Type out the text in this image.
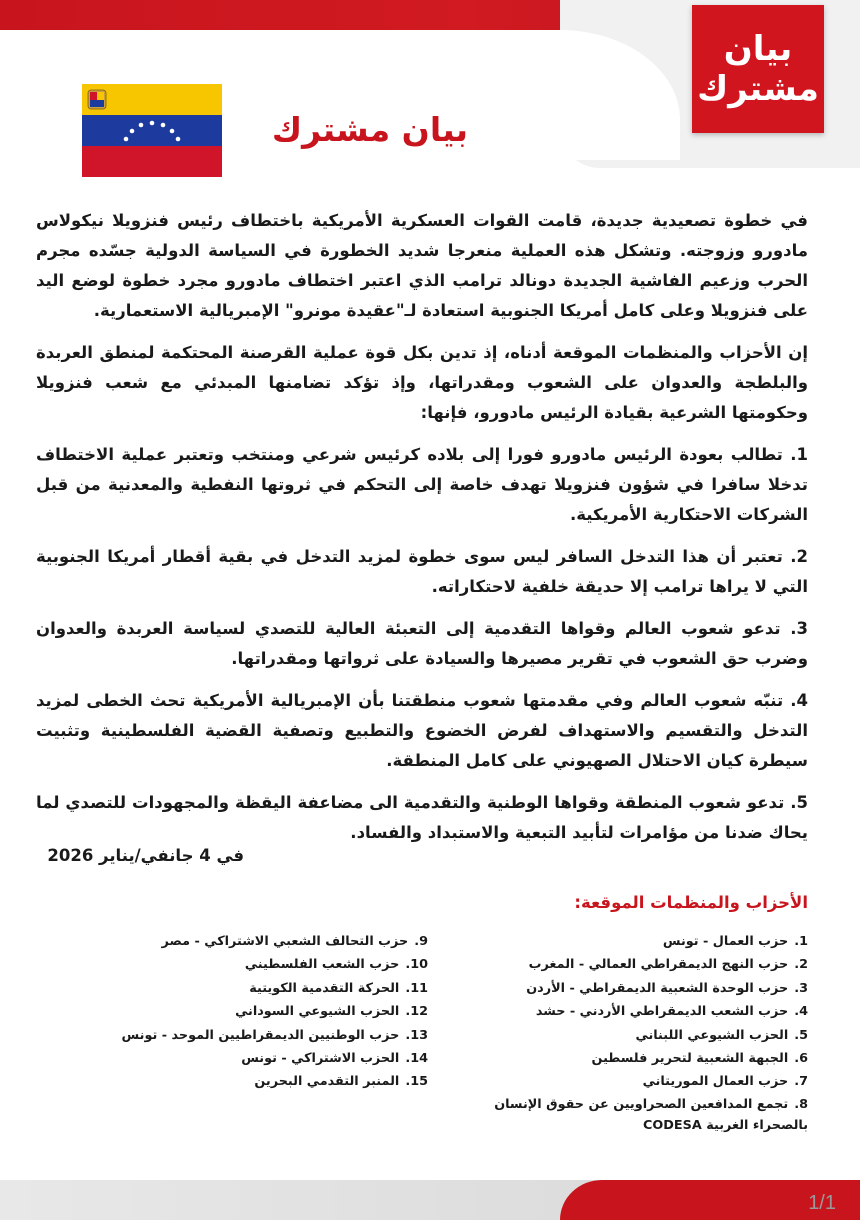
بيان
مشترك
بيان مشترك

في خطوة تصعيدية جديدة، قامت القوات العسكرية الأمريكية باختطاف رئيس فنزويلا نيكولاس مادورو وزوجته. وتشكل هذه العملية منعرجا شديد الخطورة في السياسة الدولية جسّده مجرم الحرب وزعيم الفاشية الجديدة دونالد ترامب الذي اعتبر اختطاف مادورو مجرد خطوة لوضع اليد على فنزويلا وعلى كامل أمريكا الجنوبية استعادة لـ"عقيدة مونرو" الإمبريالية الاستعمارية.

إن الأحزاب والمنظمات الموقعة أدناه، إذ تدين بكل قوة عملية القرصنة المحتكمة لمنطق العربدة والبلطجة والعدوان على الشعوب ومقدراتها، وإذ تؤكد تضامنها المبدئي مع شعب فنزويلا وحكومتها الشرعية بقيادة الرئيس مادورو، فإنها:

1. تطالب بعودة الرئيس مادورو فورا إلى بلاده كرئيس شرعي ومنتخب وتعتبر عملية الاختطاف تدخلا سافرا في شؤون فنزويلا تهدف خاصة إلى التحكم في ثروتها النفطية والمعدنية من قبل الشركات الاحتكارية الأمريكية.

2. تعتبر أن هذا التدخل السافر ليس سوى خطوة لمزيد التدخل في بقية أقطار أمريكا الجنوبية التي لا يراها ترامب إلا حديقة خلفية لاحتكاراته.

3. تدعو شعوب العالم وقواها التقدمية إلى التعبئة العالية للتصدي لسياسة العربدة والعدوان وضرب حق الشعوب في تقرير مصيرها والسيادة على ثرواتها ومقدراتها.

4. تنبّه شعوب العالم وفي مقدمتها شعوب منطقتنا بأن الإمبريالية الأمريكية تحث الخطى لمزيد التدخل والتقسيم والاستهداف لفرض الخضوع والتطبيع وتصفية القضية الفلسطينية وتثبيت سيطرة كيان الاحتلال الصهيوني على كامل المنطقة.

5. تدعو شعوب المنطقة وقواها الوطنية والتقدمية الى مضاعفة اليقظة والمجهودات للتصدي لما يحاك ضدنا من مؤامرات لتأبيد التبعية والاستبداد والفساد.

في 4 جانفي/يناير 2026
الأحزاب والمنظمات الموقعة:
1.حزب العمال - تونس
2.حزب النهج الديمقراطي العمالي - المغرب
3.حزب الوحدة الشعبية الديمقراطي - الأردن
4.حزب الشعب الديمقراطي الأردني - حشد
5.الحزب الشيوعي اللبناني
6.الجبهة الشعبية لتحرير فلسطين
7.حزب العمال الموريتاني
8.تجمع المدافعين الصحراويين عن حقوق الإنسان بالصحراء الغربية CODESA
9.حزب التحالف الشعبي الاشتراكي - مصر
10.حزب الشعب الفلسطيني
11.الحركة التقدمية الكويتية
12.الحزب الشيوعي السوداني
13.حزب الوطنيين الديمقراطيين الموحد - تونس
14.الحزب الاشتراكي - تونس
15.المنبر التقدمي البحرين
1/1
